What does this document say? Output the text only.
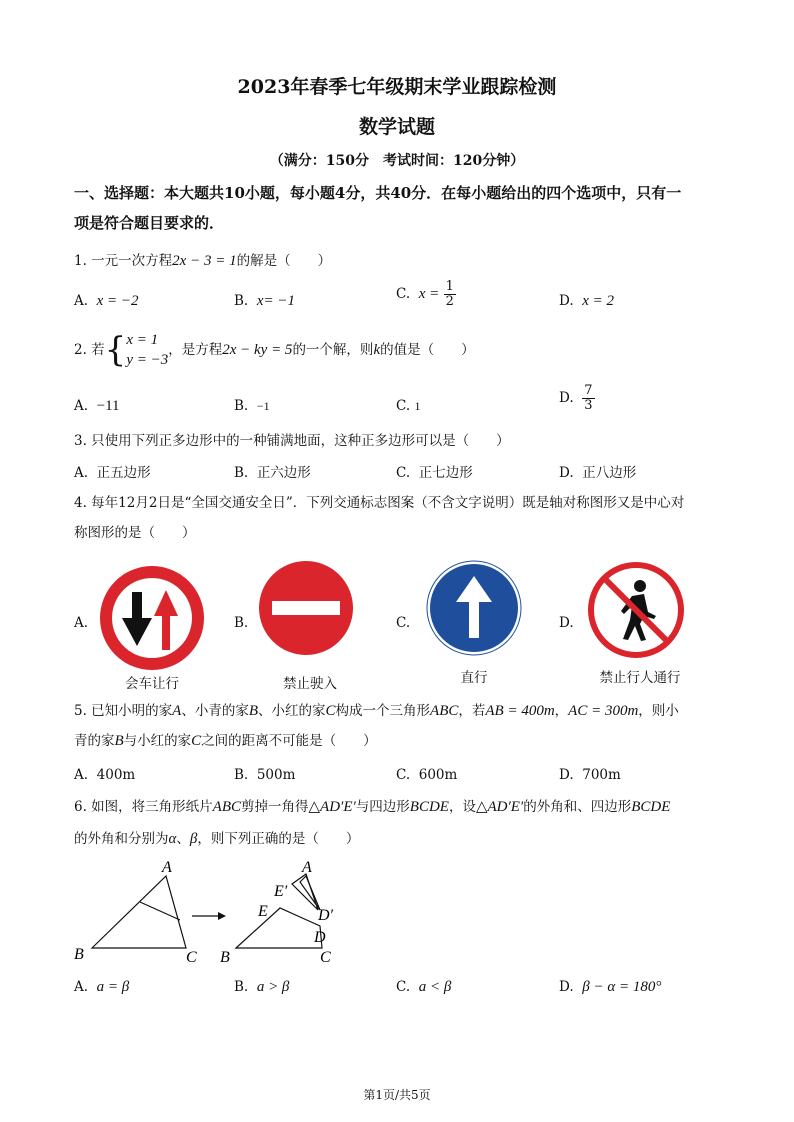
2023年春季七年级期末学业跟踪检测
数学试题
（满分：150分　考试时间：120分钟）
一、选择题：本大题共10小题，每小题4分，共40分．在每小题给出的四个选项中，只有一
项是符合题目要求的．
1. 一元一次方程2x − 3 = 1的解是（　　）
A. x = −2	B. x= −1	C. $x = \frac{1}{2}$	D. x = 2
2. 若{ x = 1
y = −3
，是方程2x − ky = 5的一个解，则k的值是（　　）
A. −11	B. −1	C. 1	D. $\frac{7}{3}$
3. 只使用下列正多边形中的一种铺满地面，这种正多边形可以是（　　）
A. 正五边形	B. 正六边形	C. 正七边形	D. 正八边形
4. 每年12月2日是“全国交通安全日”．下列交通标志图案（不含文字说明）既是轴对称图形又是中心对
称图形的是（　　）
A.	B.	C.	D.
会车让行	禁止驶入	直行	禁止行人通行
5. 已知小明的家A、小青的家B、小红的家C构成一个三角形ABC，若AB = 400m，AC = 300m，则小
青的家B与小红的家C之间的距离不可能是（　　）
A. 400m	B. 500m	C. 600m	D. 700m
6. 如图，将三角形纸片ABC剪掉一角得△AD′E′与四边形BCDE，设△AD′E′的外角和、四边形BCDE
的外角和分别为α、β，则下列正确的是（　　）
A
B	C B	C
E
D
A
E′
D′
A. a = β	B. a > β	C. a < β	D. β − α = 180°
第1页/共5页
